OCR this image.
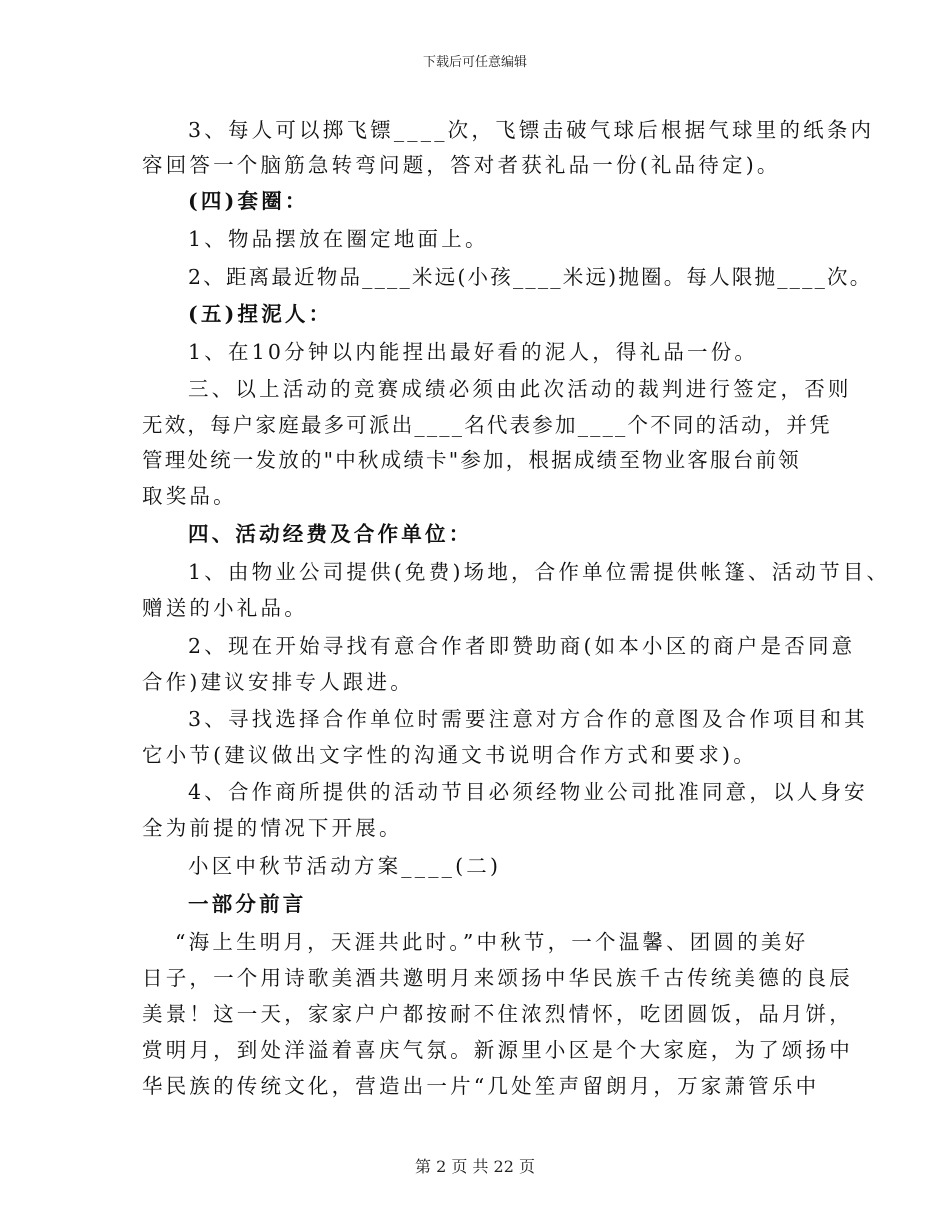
下载后可任意编辑
3、每人可以掷飞镖____次，飞镖击破气球后根据气球里的纸条内
容回答一个脑筋急转弯问题，答对者获礼品一份(礼品待定)。
(四)套圈：
1、物品摆放在圈定地面上。
2、距离最近物品____米远(小孩____米远)抛圈。每人限抛____次。
(五)捏泥人：
1、在10分钟以内能捏出最好看的泥人，得礼品一份。
三、以上活动的竞赛成绩必须由此次活动的裁判进行签定，否则
无效，每户家庭最多可派出____名代表参加____个不同的活动，并凭
管理处统一发放的"中秋成绩卡"参加，根据成绩至物业客服台前领
取奖品。
四、活动经费及合作单位：
1、由物业公司提供(免费)场地，合作单位需提供帐篷、活动节目、
赠送的小礼品。
2、现在开始寻找有意合作者即赞助商(如本小区的商户是否同意
合作)建议安排专人跟进。
3、寻找选择合作单位时需要注意对方合作的意图及合作项目和其
它小节(建议做出文字性的沟通文书说明合作方式和要求)。
4、合作商所提供的活动节目必须经物业公司批准同意，以人身安
全为前提的情况下开展。
小区中秋节活动方案____(二)
一部分前言
“海上生明月，天涯共此时。”中秋节，一个温馨、团圆的美好
日子，一个用诗歌美酒共邀明月来颂扬中华民族千古传统美德的良辰
美景！这一天，家家户户都按耐不住浓烈情怀，吃团圆饭，品月饼，
赏明月，到处洋溢着喜庆气氛。新源里小区是个大家庭，为了颂扬中
华民族的传统文化，营造出一片“几处笙声留朗月，万家萧管乐中
第 2 页 共 22 页
